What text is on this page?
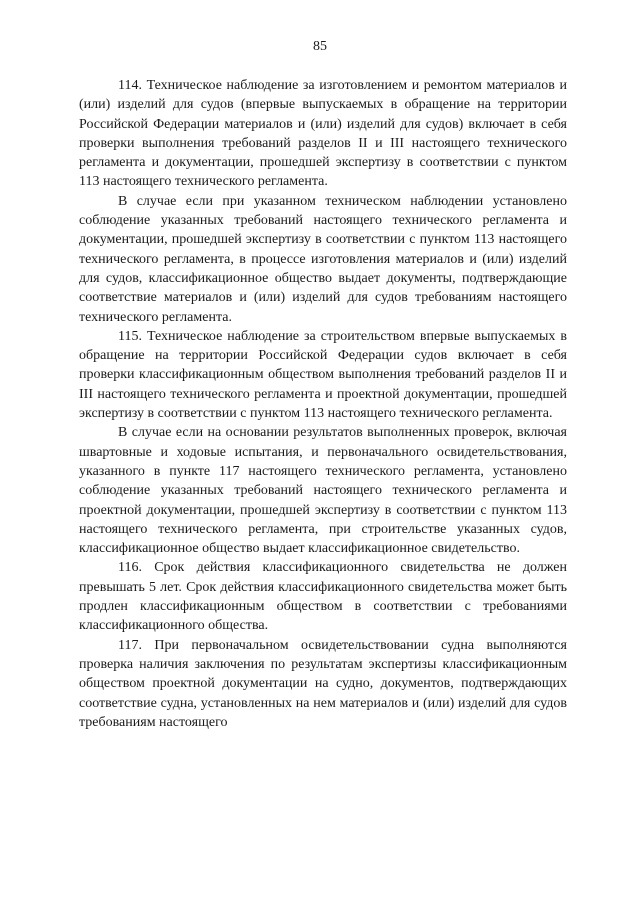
85

114. Техническое наблюдение за изготовлением и ремонтом материалов и (или) изделий для судов (впервые выпускаемых в обращение на территории Российской Федерации материалов и (или) изделий для судов) включает в себя проверки выполнения требований разделов II и III настоящего технического регламента и документации, прошедшей экспертизу в соответствии с пунктом 113 настоящего технического регламента.

В случае если при указанном техническом наблюдении установлено соблюдение указанных требований настоящего технического регламента и документации, прошедшей экспертизу в соответствии с пунктом 113 настоящего технического регламента, в процессе изготовления материалов и (или) изделий для судов, классификационное общество выдает документы, подтверждающие соответствие материалов и (или) изделий для судов требованиям настоящего технического регламента.

115. Техническое наблюдение за строительством впервые выпускаемых в обращение на территории Российской Федерации судов включает в себя проверки классификационным обществом выполнения требований разделов II и III настоящего технического регламента и проектной документации, прошедшей экспертизу в соответствии с пунктом 113 настоящего технического регламента.

В случае если на основании результатов выполненных проверок, включая швартовные и ходовые испытания, и первоначального освидетельствования, указанного в пункте 117 настоящего технического регламента, установлено соблюдение указанных требований настоящего технического регламента и проектной документации, прошедшей экспертизу в соответствии с пунктом 113 настоящего технического регламента, при строительстве указанных судов, классификационное общество выдает классификационное свидетельство.

116. Срок действия классификационного свидетельства не должен превышать 5 лет. Срок действия классификационного свидетельства может быть продлен классификационным обществом в соответствии с требованиями классификационного общества.

117. При первоначальном освидетельствовании судна выполняются проверка наличия заключения по результатам экспертизы классификационным обществом проектной документации на судно, документов, подтверждающих соответствие судна, установленных на нем материалов и (или) изделий для судов требованиям настоящего
